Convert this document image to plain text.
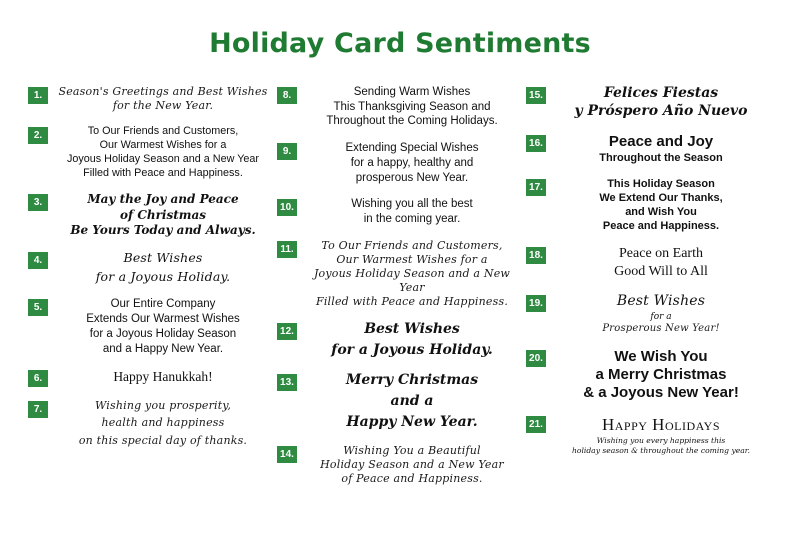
Holiday Card Sentiments
1.	Season's Greetings and Best Wishes
for the New Year.
2.	To Our Friends and Customers,
Our Warmest Wishes for a
Joyous Holiday Season and a New Year
Filled with Peace and Happiness.
3.	May the Joy and Peace
of Christmas
Be Yours Today and Always.
4.	Best Wishes
for a Joyous Holiday.
5.	Our Entire Company
Extends Our Warmest Wishes
for a Joyous Holiday Season
and a Happy New Year.
6.	Happy Hanukkah!
7.	Wishing you prosperity,
health and happiness
on this special day of thanks.
8.	Sending Warm Wishes
This Thanksgiving Season and
Throughout the Coming Holidays.
9.	Extending Special Wishes
for a happy, healthy and
prosperous New Year.
10.	Wishing you all the best
in the coming year.
11.	To Our Friends and Customers,
Our Warmest Wishes for a
Joyous Holiday Season and a New Year
Filled with Peace and Happiness.
12.	Best Wishes
for a Joyous Holiday.
13.	Merry Christmas
and a
Happy New Year.
14.	Wishing You a Beautiful
Holiday Season and a New Year
of Peace and Happiness.
15.	Felices Fiestas
y Próspero Año Nuevo
16.	Peace and Joy
Throughout the Season
17.	This Holiday Season
We Extend Our Thanks,
and Wish You
Peace and Happiness.
18.	Peace on Earth
Good Will to All
19.	Best Wishes
for a
Prosperous New Year!
20.	We Wish You
a Merry Christmas
& a Joyous New Year!
21.	Happy Holidays
Wishing you every happiness this
holiday season & throughout the coming year.
